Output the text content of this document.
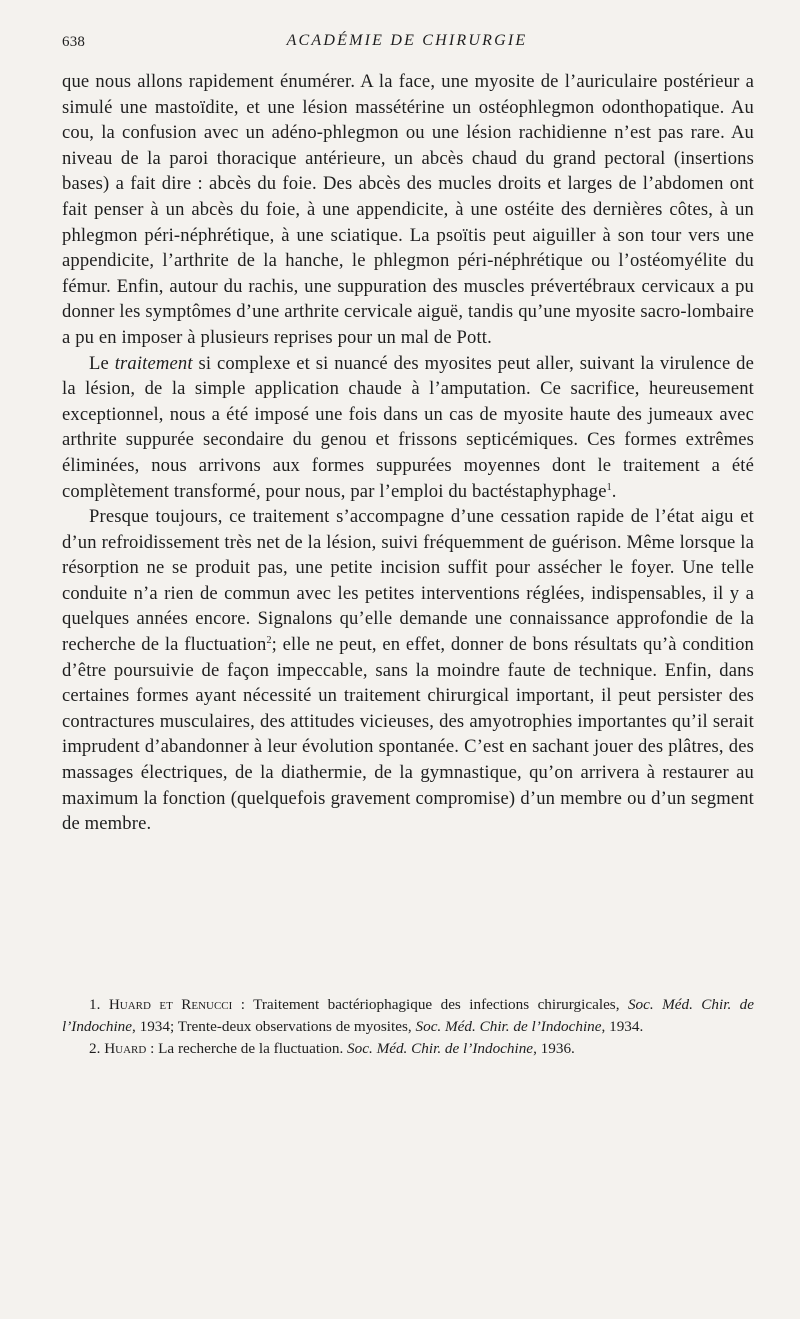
638	ACADÉMIE DE CHIRURGIE

que nous allons rapidement énumérer. A la face, une myosite de l’auriculaire postérieur a simulé une mastoïdite, et une lésion massétérine un ostéophlegmon odonthopatique. Au cou, la confusion avec un adéno-phlegmon ou une lésion rachidienne n’est pas rare. Au niveau de la paroi thoracique antérieure, un abcès chaud du grand pectoral (insertions bases) a fait dire : abcès du foie. Des abcès des mucles droits et larges de l’abdomen ont fait penser à un abcès du foie, à une appendicite, à une ostéite des dernières côtes, à un phlegmon péri-néphrétique, à une sciatique. La psoïtis peut aiguiller à son tour vers une appendicite, l’arthrite de la hanche, le phlegmon péri-néphrétique ou l’ostéomyélite du fémur. Enfin, autour du rachis, une suppuration des muscles prévertébraux cervicaux a pu donner les symptômes d’une arthrite cervicale aiguë, tandis qu’une myosite sacro-lombaire a pu en imposer à plusieurs reprises pour un mal de Pott.

Le traitement si complexe et si nuancé des myosites peut aller, suivant la virulence de la lésion, de la simple application chaude à l’amputation. Ce sacrifice, heureusement exceptionnel, nous a été imposé une fois dans un cas de myosite haute des jumeaux avec arthrite suppurée secondaire du genou et frissons septicémiques. Ces formes extrêmes éliminées, nous arrivons aux formes suppurées moyennes dont le traitement a été complètement transformé, pour nous, par l’emploi du bactéstaphyphage$^1$.

Presque toujours, ce traitement s’accompagne d’une cessation rapide de l’état aigu et d’un refroidissement très net de la lésion, suivi fréquemment de guérison. Même lorsque la résorption ne se produit pas, une petite incision suffit pour assécher le foyer. Une telle conduite n’a rien de commun avec les petites interventions réglées, indispensables, il y a quelques années encore. Signalons qu’elle demande une connaissance approfondie de la recherche de la fluctuation$^2$; elle ne peut, en effet, donner de bons résultats qu’à condition d’être poursuivie de façon impeccable, sans la moindre faute de technique. Enfin, dans certaines formes ayant nécessité un traitement chirurgical important, il peut persister des contractures musculaires, des attitudes vicieuses, des amyotrophies importantes qu’il serait imprudent d’abandonner à leur évolution spontanée. C’est en sachant jouer des plâtres, des massages électriques, de la diathermie, de la gymnastique, qu’on arrivera à restaurer au maximum la fonction (quelquefois gravement compromise) d’un membre ou d’un segment de membre.

1. Huard et Renucci : Traitement bactériophagique des infections chirurgicales, Soc. Méd. Chir. de l’Indochine, 1934; Trente-deux observations de myosites, Soc. Méd. Chir. de l’Indochine, 1934.

2. Huard : La recherche de la fluctuation. Soc. Méd. Chir. de l’Indochine, 1936.
